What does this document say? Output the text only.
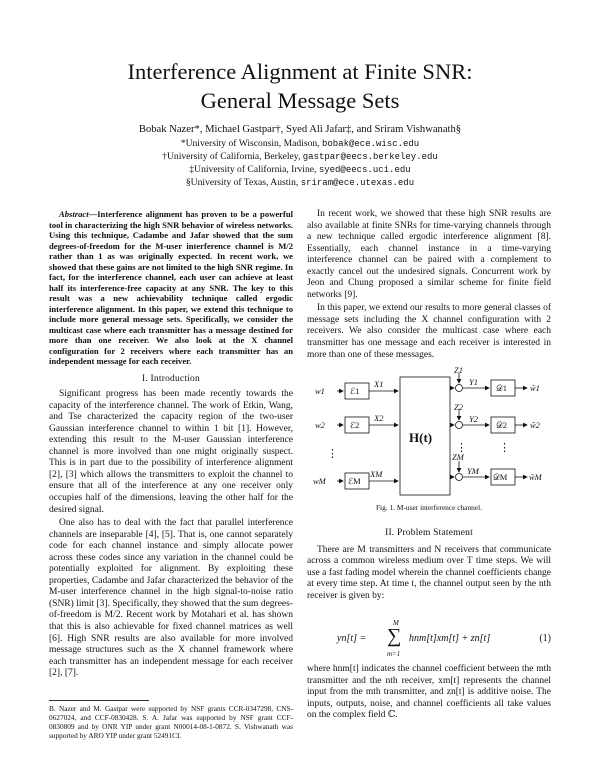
Interference Alignment at Finite SNR:
General Message Sets
Bobak Nazer*, Michael Gastpar†, Syed Ali Jafar‡, and Sriram Vishwanath§
*University of Wisconsin, Madison, bobak@ece.wisc.edu
†University of California, Berkeley, gastpar@eecs.berkeley.edu
‡University of California, Irvine, syed@eecs.uci.edu
§University of Texas, Austin, sriram@ece.utexas.edu

Abstract—Interference alignment has proven to be a powerful tool in characterizing the high SNR behavior of wireless networks. Using this technique, Cadambe and Jafar showed that the sum degrees-of-freedom for the M-user interference channel is M/2 rather than 1 as was originally expected. In recent work, we showed that these gains are not limited to the high SNR regime. In fact, for the interference channel, each user can achieve at least half its interference-free capacity at any SNR. The key to this result was a new achievability technique called ergodic interference alignment. In this paper, we extend this technique to include more general message sets. Specifically, we consider the multicast case where each transmitter has a message destined for more than one receiver. We also look at the X channel configuration for 2 receivers where each transmitter has an independent message for each receiver.

I. Introduction

Significant progress has been made recently towards the capacity of the interference channel. The work of Etkin, Wang, and Tse characterized the capacity region of the two-user Gaussian interference channel to within 1 bit [1]. However, extending this result to the M-user Gaussian interference channel is more involved than one might originally suspect. This is in part due to the possibility of interference alignment [2], [3] which allows the transmitters to exploit the channel to ensure that all of the interference at any one receiver only occupies half of the dimensions, leaving the other half for the desired signal.

One also has to deal with the fact that parallel interference channels are inseparable [4], [5]. That is, one cannot separately code for each channel instance and simply allocate power across these codes since any variation in the channel could be potentially exploited for alignment. By exploiting these properties, Cadambe and Jafar characterized the behavior of the M-user interference channel in the high signal-to-noise ratio (SNR) limit [3]. Specifically, they showed that the sum degrees-of-freedom is M/2. Recent work by Motahari et al. has shown that this is also achievable for fixed channel matrices as well [6]. High SNR results are also available for more involved message structures such as the X channel framework where each transmitter has an independent message for each receiver [2], [7].

B. Nazer and M. Gastpar were supported by NSF grants CCR-0347298, CNS-0627024, and CCF-0830428. S. A. Jafar was supported by NSF grant CCF-0830809 and by ONR YIP under grant N00014-08-1-0872. S. Vishwanath was supported by ARO YIP under grant 52491CI.

In recent work, we showed that these high SNR results are also available at finite SNRs for time-varying channels through a new technique called ergodic interference alignment [8]. Essentially, each channel instance in a time-varying interference channel can be paired with a complement to exactly cancel out the undesired signals. Concurrent work by Jeon and Chung proposed a similar scheme for finite field networks [9].

In this paper, we extend our results to more general classes of message sets including the X channel configuration with 2 receivers. We also consider the multicast case where each transmitter has one message and each receiver is interested in more than one of these messages.

w1
w2
wM
ℰ1
ℰ2
ℰM
X1
X2
XM
⋮
H(t)
Z1
Z2
ZM
Y1
Y2
YM
⋮	⋮
𝒟1
𝒟2
𝒟M
ŵ1
ŵ2
ŵM
Fig. 1. M-user interference channel.
II. Problem Statement

There are M transmitters and N receivers that communicate across a common wireless medium over T time steps. We will use a fast fading model wherein the channel coefficients change at every time step. At time t, the channel output seen by the nth receiver is given by:

yn[t] =
M
∑
m=1
hnm[t]xm[t] + zn[t]	(1)

where hnm[t] indicates the channel coefficient between the mth transmitter and the nth receiver, xm[t] represents the channel input from the mth transmitter, and zn[t] is additive noise. The inputs, outputs, noise, and channel coefficients all take values on the complex field ℂ.
